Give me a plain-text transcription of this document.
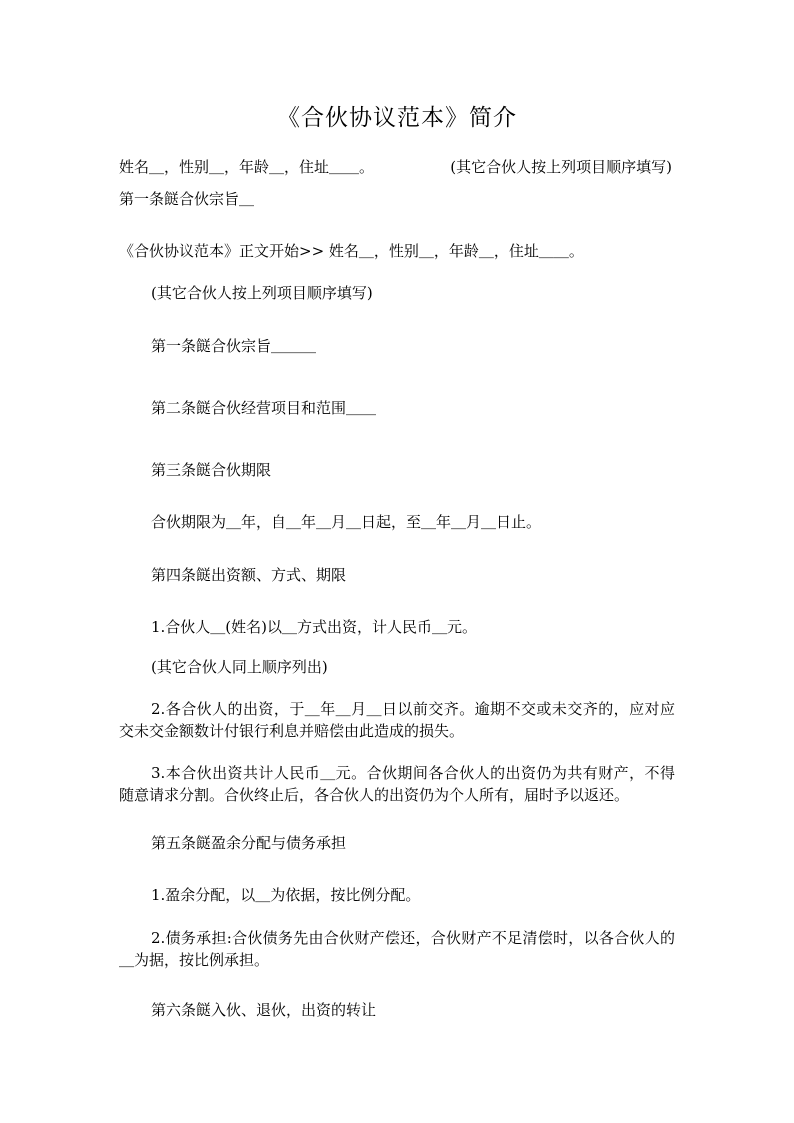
《合伙协议范本》简介
姓名＿，性别＿，年龄＿，住址＿＿。	(其它合伙人按上列项目顺序填写)
第一条餸合伙宗旨＿
《合伙协议范本》正文开始>> 姓名＿，性别＿，年龄＿，住址＿＿。
(其它合伙人按上列项目顺序填写)
第一条餸合伙宗旨＿＿＿
第二条餸合伙经营项目和范围＿＿
第三条餸合伙期限
合伙期限为＿年，自＿年＿月＿日起，至＿年＿月＿日止。
第四条餸出资额、方式、期限
1.合伙人＿(姓名)以＿方式出资，计人民币＿元。
(其它合伙人同上顺序列出)
2.各合伙人的出资，于＿年＿月＿日以前交齐。逾期不交或未交齐的，应对应交未交金额数计付银行利息并赔偿由此造成的损失。
3.本合伙出资共计人民币＿元。合伙期间各合伙人的出资仍为共有财产，不得随意请求分割。合伙终止后，各合伙人的出资仍为个人所有，届时予以返还。
第五条餸盈余分配与债务承担
1.盈余分配，以＿为依据，按比例分配。
2.债务承担:合伙债务先由合伙财产偿还，合伙财产不足清偿时，以各合伙人的＿为据，按比例承担。
第六条餸入伙、退伙，出资的转让
